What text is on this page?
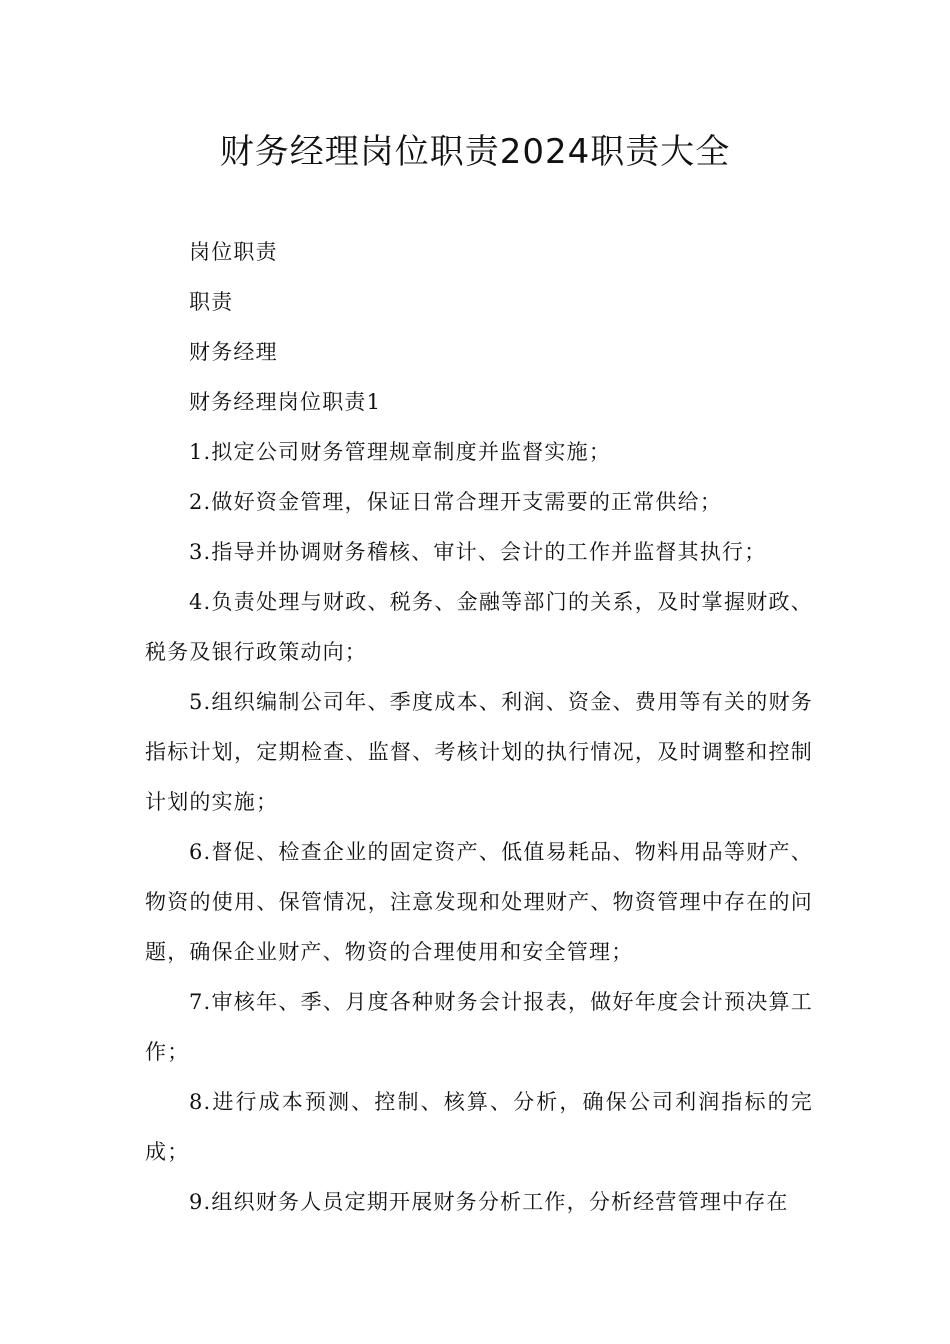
财务经理岗位职责2024职责大全

岗位职责

职责

财务经理

财务经理岗位职责1

1.拟定公司财务管理规章制度并监督实施；

2.做好资金管理，保证日常合理开支需要的正常供给；

3.指导并协调财务稽核、审计、会计的工作并监督其执行；

4.负责处理与财政、税务、金融等部门的关系，及时掌握财政、税务及银行政策动向；

5.组织编制公司年、季度成本、利润、资金、费用等有关的财务指标计划，定期检查、监督、考核计划的执行情况，及时调整和控制计划的实施；

6.督促、检查企业的固定资产、低值易耗品、物料用品等财产、物资的使用、保管情况，注意发现和处理财产、物资管理中存在的问题，确保企业财产、物资的合理使用和安全管理；

7.审核年、季、月度各种财务会计报表，做好年度会计预决算工作；

8.进行成本预测、控制、核算、分析，确保公司利润指标的完成；

9.组织财务人员定期开展财务分析工作，分析经营管理中存在
